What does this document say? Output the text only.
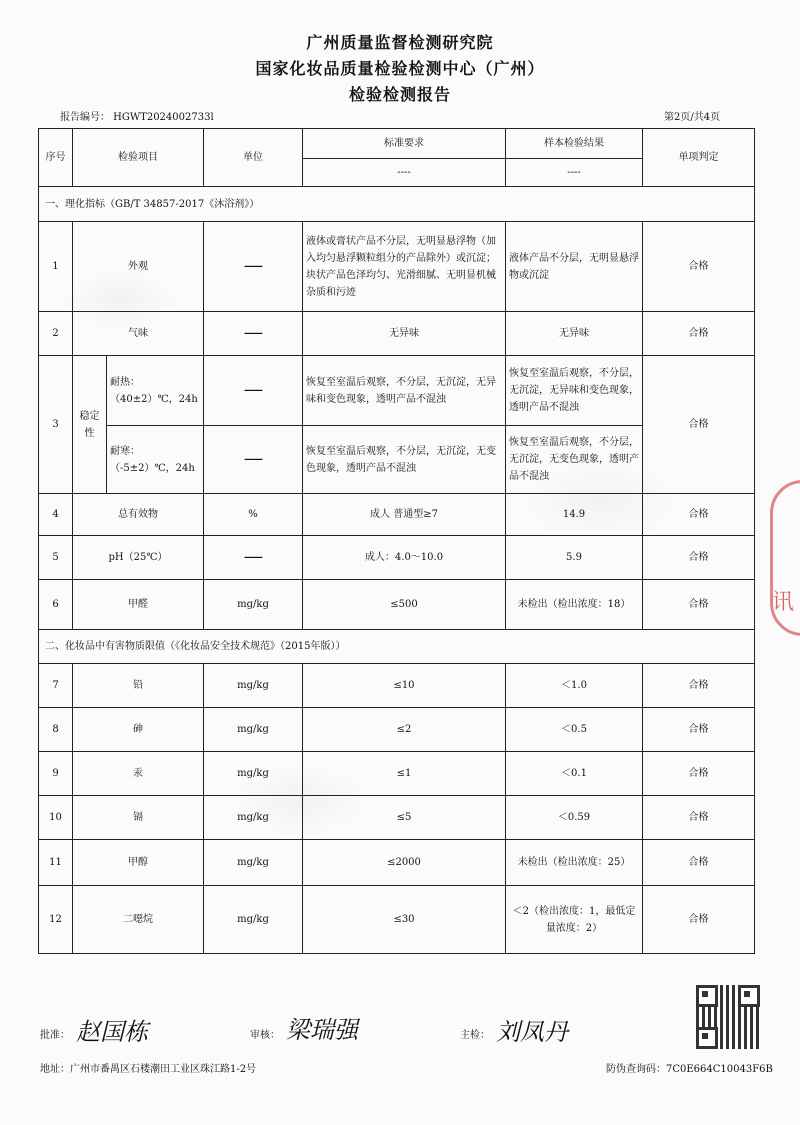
广州质量监督检测研究院
国家化妆品质量检验检测中心（广州）
检验检测报告
报告编号： HGWT2024002733l	第2页/共4页
讯
序号	检验项目		单位	标准要求	样本检验结果	单项判定
				----	----	
一、理化指标（GB/T 34857-2017《沐浴剂》）						
1	外观		——	液体或膏状产品不分层，无明显悬浮物（加入均匀悬浮颗粒组分的产品除外）或沉淀；块状产品色泽均匀、光滑细腻、无明显机械杂质和污迹	液体产品不分层，无明显悬浮物或沉淀	合格
2	气味		——	无异味	无异味	合格
3	稳定性	耐热：（40±2）℃，24h	——	恢复至室温后观察，不分层，无沉淀，无异味和变色现象，透明产品不混浊	恢复至室温后观察，不分层，无沉淀，无异味和变色现象，透明产品不混浊	合格
		耐寒：（-5±2）℃，24h	——	恢复至室温后观察，不分层，无沉淀，无变色现象，透明产品不混浊	恢复至室温后观察，不分层，无沉淀，无变色现象，透明产品不混浊	
4	总有效物		%	成人 普通型≥7	14.9	合格
5	pH（25℃）		——	成人：4.0～10.0	5.9	合格
6	甲醛		mg/kg	≤500	未检出（检出浓度：18）	合格
二、化妆品中有害物质限值（《化妆品安全技术规范》（2015年版））						
7	铅		mg/kg	≤10	＜1.0	合格
8	砷		mg/kg	≤2	＜0.5	合格
9	汞		mg/kg	≤1	＜0.1	合格
10	镉		mg/kg	≤5	＜0.59	合格
11	甲醇		mg/kg	≤2000	未检出（检出浓度：25）	合格
12	二噁烷		mg/kg	≤30	＜2（检出浓度：1，最低定量浓度：2）	合格
批准： 赵国栋	审核： 梁瑞强	主检： 刘凤丹
地址：广州市番禺区石楼潮田工业区珠江路1-2号	防伪查询码：7C0E664C10043F6B
